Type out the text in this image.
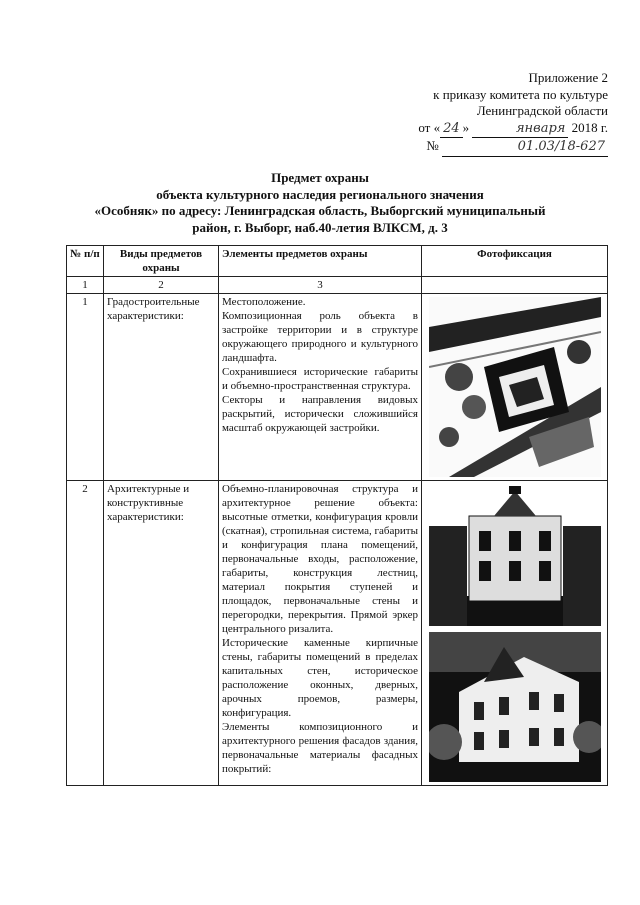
Приложение 2
к приказу комитета по культуре
Ленинградской области
от « 24 »	января 2018 г.
№	01.03/18-627
Предмет охраны
объекта культурного наследия регионального значения
«Особняк» по адресу: Ленинградская область, Выборгский муниципальный
район, г. Выборг, наб.40-летия ВЛКСМ, д. 3
№ п/п	Виды предметов охраны	Элементы предметов охраны	Фотофиксация
1	2	3	
1	Градостроительные характеристики:	Местоположение.

Композиционная роль объекта в застройке территории и в структуре окружающего природного и культурного ландшафта.

Сохранившиеся исторические габариты и объемно-пространственная структура.

Секторы и направления видовых раскрытий, исторически сложившийся масштаб окружающей застройки.

2	Архитектурные и конструктивные характеристики:	Объемно-планировочная структура и архитектурное решение объекта: высотные отметки, конфигурация кровли (скатная), стропильная система, габариты и конфигурация плана помещений, первоначальные входы, расположение, габариты, конструкция лестниц, материал покрытия ступеней и площадок, первоначальные стены и перегородки, перекрытия. Прямой эркер центрального ризалита.

Исторические каменные кирпичные стены, габариты помещений в пределах капитальных стен, историческое расположение оконных, дверных, арочных проемов, размеры, конфигурация.

Элементы композиционного и архитектурного решения фасадов здания, первоначальные материалы фасадных покрытий:
